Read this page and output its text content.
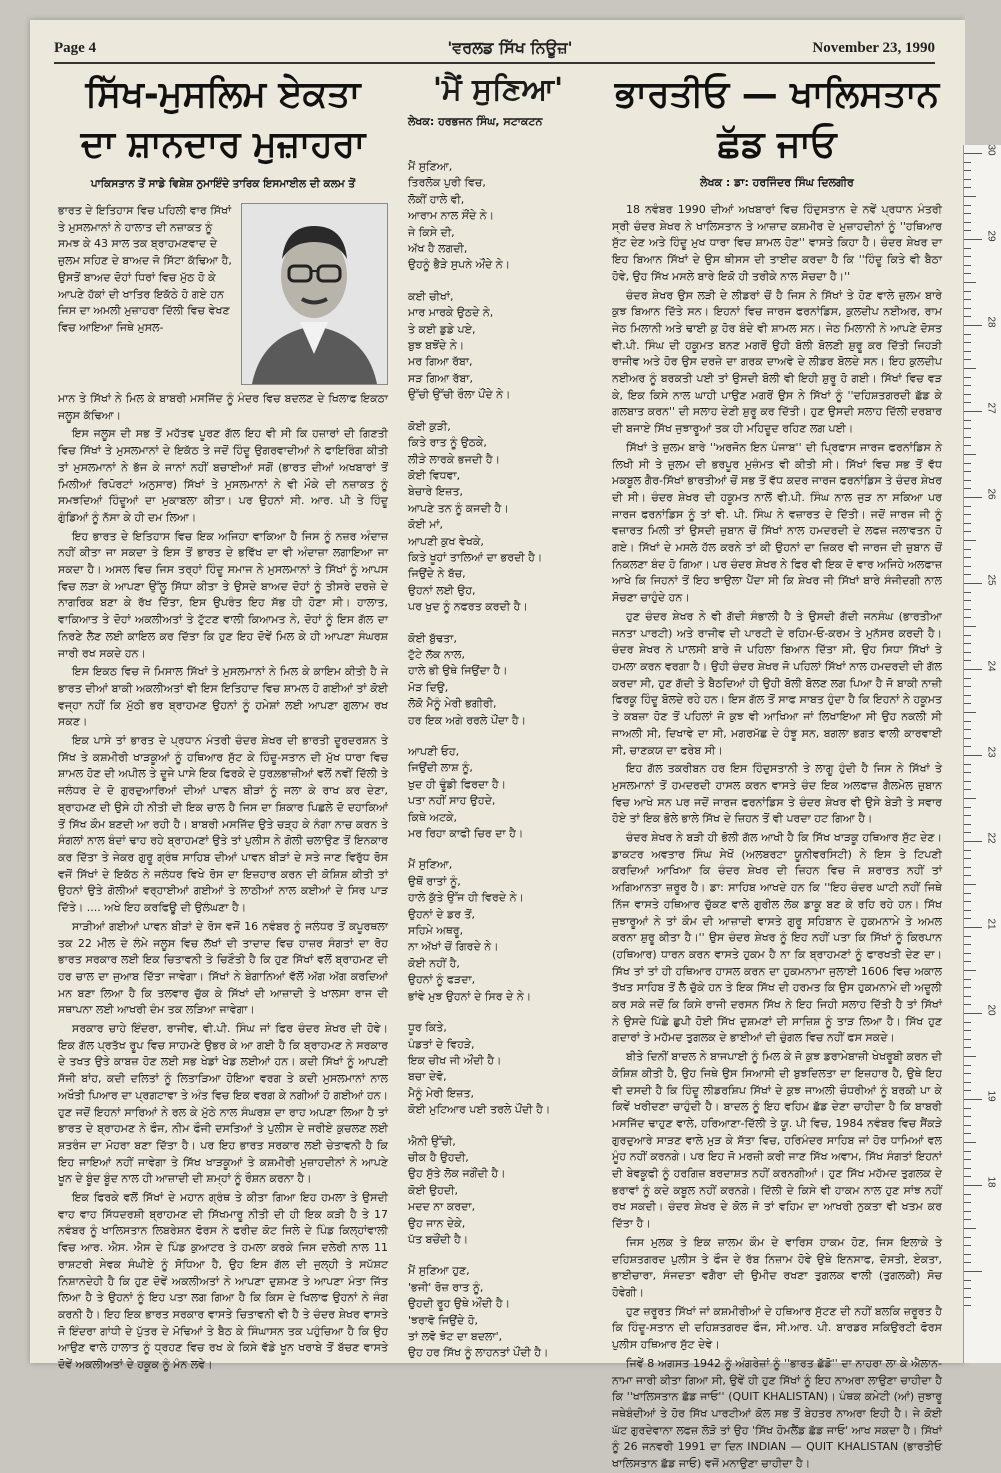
Page 4	'ਵਰਲਡ ਸਿੱਖ ਨਿਊਜ਼'	November 23, 1990
ਸਿੱਖ-ਮੁਸਲਿਮ ਏਕਤਾ
ਦਾ ਸ਼ਾਨਦਾਰ ਮੁਜ਼ਾਹਰਾ
ਪਾਕਿਸਤਾਨ ਤੋਂ ਸਾਡੇ ਵਿਸ਼ੇਸ਼ ਨੁਮਾਇੰਦੇ ਤਾਰਿਕ ਇਸਮਾਈਲ ਦੀ ਕਲਮ ਤੋਂ
ਭਾਰਤ ਦੇ ਇਤਿਹਾਸ ਵਿਚ ਪਹਿਲੀ ਵਾਰ ਸਿੱਖਾਂ ਤੇ ਮੁਸਲਮਾਨਾਂ ਨੇ ਹਾਲਾਤ ਦੀ ਨਜ਼ਾਕਤ ਨੂੰ ਸਮਝ ਕੇ 43 ਸਾਲ ਤਕ ਬ੍ਰਾਹਮਣਵਾਦ ਦੇ ਜ਼ੁਲਮ ਸਹਿਣ ਦੇ ਬਾਅਦ ਜੋ ਸਿੱਟਾ ਕੱਢਿਆ ਹੈ, ਉਸਤੋਂ ਬਾਅਦ ਦੋਹਾਂ ਧਿਰਾਂ ਵਿਚ ਮੁੱਠ ਹੋ ਕੇ ਆਪਣੇ ਹੱਕਾਂ ਦੀ ਖਾਤਿਰ ਇਕੱਠੇ ਹੋ ਗਏ ਹਨ ਜਿਸ ਦਾ ਅਮਲੀ ਮੁਜ਼ਾਹਰਾ ਦਿੱਲੀ ਵਿਚ ਵੇਖਣ ਵਿਚ ਆਇਆ ਜਿਥੇ ਮੁਸਲ-

ਮਾਨ ਤੇ ਸਿੱਖਾਂ ਨੇ ਮਿਲ ਕੇ ਬਾਬਰੀ ਮਸਜਿੱਦ ਨੂੰ ਮੰਦਰ ਵਿਚ ਬਦਲਣ ਦੇ ਖਿਲਾਫ ਇਕਠਾ ਜਲੂਸ ਕੱਢਿਆ।

ਇਸ ਜਲੂਸ ਦੀ ਸਭ ਤੋਂ ਮਹੱਤਵ ਪੂਰਣ ਗੱਲ ਇਹ ਵੀ ਸੀ ਕਿ ਹਜ਼ਾਰਾਂ ਦੀ ਗਿਣਤੀ ਵਿਚ ਸਿੱਖਾਂ ਤੇ ਮੁਸਲਮਾਨਾਂ ਦੇ ਇਕੱਠ ਤੇ ਜਦੋਂ ਹਿੰਦੂ ਉਗਰਵਾਦੀਆਂ ਨੇ ਫਾਇਰਿੰਗ ਕੀਤੀ ਤਾਂ ਮੁਸਲਮਾਨਾਂ ਨੇ ਭੱਜ ਕੇ ਜਾਨਾਂ ਨਹੀਂ ਬਚਾਈਆਂ ਸਗੋਂ (ਭਾਰਤ ਦੀਆਂ ਅਖਬਾਰਾਂ ਤੋਂ ਮਿਲੀਆਂ ਰਿਪੋਰਟਾਂ ਅਨੁਸਾਰ) ਸਿੱਖਾਂ ਤੇ ਮੁਸਲਮਾਨਾਂ ਨੇ ਵੀ ਮੌਕੇ ਦੀ ਨਜ਼ਾਕਤ ਨੂੰ ਸਮਝਦਿਆਂ ਹਿੰਦੂਆਂ ਦਾ ਮੁਕਾਬਲਾ ਕੀਤਾ। ਪਰ ਉਹਨਾਂ ਸੀ. ਆਰ. ਪੀ ਤੇ ਹਿੰਦੂ ਗੁੰਡਿਆਂ ਨੂੰ ਨੱਸਾ ਕੇ ਹੀ ਦਮ ਲਿਆ।

ਇਹ ਭਾਰਤ ਦੇ ਇਤਿਹਾਸ ਵਿਚ ਇਕ ਅਜਿਹਾ ਵਾਕਿਆ ਹੈ ਜਿਸ ਨੂੰ ਨਜ਼ਰ ਅੰਦਾਜ਼ ਨਹੀਂ ਕੀਤਾ ਜਾ ਸਕਦਾ ਤੇ ਇਸ ਤੋਂ ਭਾਰਤ ਦੇ ਭਵਿੱਖ ਦਾ ਵੀ ਅੰਦਾਜ਼ਾ ਲਗਾਇਆ ਜਾ ਸਕਦਾ ਹੈ। ਅਸਲ ਵਿਚ ਜਿਸ ਤਰ੍ਹਾਂ ਹਿੰਦੂ ਸਮਾਜ ਨੇ ਮੁਸਲਮਾਨਾਂ ਤੇ ਸਿੱਖਾਂ ਨੂੰ ਆਪਸ ਵਿਚ ਲੜਾ ਕੇ ਆਪਣਾ ਉੱਲੂ ਸਿੱਧਾ ਕੀਤਾ ਤੇ ਉਸਦੇ ਬਾਅਦ ਦੋਹਾਂ ਨੂੰ ਤੀਸਰੇ ਦਰਜ਼ੇ ਦੇ ਨਾਗਰਿਕ ਬਣਾ ਕੇ ਰੱਖ ਦਿੱਤਾ, ਇਸ ਉਪਰੰਤ ਇਹ ਸੱਭ ਹੀ ਹੋਣਾ ਸੀ। ਹਾਲਾਤ, ਵਾਕਿਆਤ ਤੇ ਦੋਹਾਂ ਅਕਲੀਅਤਾਂ ਤੇ ਟੁੱਟਣ ਵਾਲੀ ਕਿਆਮਤ ਨੇ, ਦੋਹਾਂ ਨੂੰ ਇਸ ਗੱਲ ਦਾ ਨਿਰਣੇ ਲੈਣ ਲਈ ਕਾਇਲ ਕਰ ਦਿੱਤਾ ਕਿ ਹੁਣ ਇਹ ਦੋਵੇਂ ਮਿਲ ਕੇ ਹੀ ਆਪਣਾ ਸੰਘਰਸ਼ ਜਾਰੀ ਰਖ ਸਕਦੇ ਹਨ।

ਇਸ ਇਕਠ ਵਿਚ ਜੋ ਮਿਸਾਲ ਸਿੱਖਾਂ ਤੇ ਮੁਸਲਮਾਨਾਂ ਨੇ ਮਿਲ ਕੇ ਕਾਇਮ ਕੀਤੀ ਹੈ ਜੇ ਭਾਰਤ ਦੀਆਂ ਬਾਕੀ ਅਕਲੀਅਤਾਂ ਵੀ ਇਸ ਇਤਿਹਾਦ ਵਿਚ ਸ਼ਾਮਲ ਹੋ ਗਈਆਂ ਤਾਂ ਕੋਈ ਵਜ੍ਹਾ ਨਹੀਂ ਕਿ ਮੁੱਠੀ ਭਰ ਬ੍ਰਾਹਮਣ ਉਹਨਾਂ ਨੂੰ ਹਮੇਸ਼ਾਂ ਲਈ ਆਪਣਾ ਗੁਲਾਮ ਰਖ ਸਕਣ।

ਇਕ ਪਾਸੇ ਤਾਂ ਭਾਰਤ ਦੇ ਪ੍ਰਧਾਨ ਮੰਤਰੀ ਚੰਦਰ ਸ਼ੇਖਰ ਦੀ ਭਾਰਤੀ ਦੂਰਦਰਸ਼ਨ ਤੇ ਸਿੱਖ ਤੇ ਕਸ਼ਮੀਰੀ ਖਾੜਕੂਆਂ ਨੂੰ ਹਥਿਆਰ ਸੁੱਟ ਕੇ ਹਿੰਦੂ-ਸਤਾਨ ਦੀ ਮੁੱਖ ਧਾਰਾ ਵਿਚ ਸ਼ਾਮਲ ਹੋਣ ਦੀ ਅਪੀਲ ਤੇ ਦੂਜੇ ਪਾਸੇ ਇਕ ਫਿਰਕੇ ਦੇ ਧੁਰਲ਼ਭਾਜ਼ੀਆਂ ਵਲੋਂ ਨਵੀਂ ਦਿੱਲੀ ਤੇ ਜਲੰਧਰ ਦੇ ਦੋ ਗੁਰਦੁਆਰਿਆਂ ਦੀਆਂ ਪਾਵਨ ਬੀੜਾਂ ਨੂੰ ਜਲਾ ਕੇ ਰਾਖ ਕਰ ਦੇਣਾ, ਬ੍ਰਾਹਮਣ ਦੀ ਉਸੇ ਹੀ ਨੀਤੀ ਦੀ ਇਕ ਚਾਲ ਹੈ ਜਿਸ ਦਾ ਸ਼ਿਕਾਰ ਪਿਛਲੇ ਦੋ ਦਹਾਕਿਆਂ ਤੋਂ ਸਿੱਖ ਕੌਮ ਬਣਦੀ ਆ ਰਹੀ ਹੈ। ਬਾਬਰੀ ਮਸਜਿੱਦ ਉਤੇ ਚੜ੍ਹ ਕੇ ਨੰਗਾ ਨਾਚ ਕਰਨ ਤੇ ਸੰਗਲਾਂ ਨਾਲ ਬੰਦਾਂ ਢਾਹ ਰਹੇ ਬ੍ਰਾਹਮਣਾਂ ਉਤੇ ਤਾਂ ਪੁਲੀਸ ਨੇ ਗੋਲੀ ਚਲਾਉਣ ਤੋਂ ਇਨਕਾਰ ਕਰ ਦਿੱਤਾ ਤੇ ਜੇਕਰ ਗੁਰੂ ਗ੍ਰੰਥ ਸਾਹਿਬ ਦੀਆਂ ਪਾਵਨ ਬੀੜਾਂ ਦੇ ਸਤੇ ਜਾਣ ਵਿਰੁੱਧ ਰੋਸ ਵਜੋਂ ਸਿੱਖਾਂ ਦੇ ਇਕੱਠ ਨੇ ਜਲੰਧਰ ਵਿਖੇ ਰੋਸ ਦਾ ਇਜ਼ਹਾਰ ਕਰਨ ਦੀ ਕੋਸ਼ਿਸ਼ ਕੀਤੀ ਤਾਂ ਉਹਨਾਂ ਉਤੇ ਗੋਲੀਆਂ ਵਰ੍ਹਾਈਆਂ ਗਈਆਂ ਤੇ ਲਾਠੀਆਂ ਨਾਲ ਕਈਆਂ ਦੇ ਸਿਰ ਪਾੜ ਦਿੱਤੇ। .... ਅਖੇ ਇਹ ਕਰਫਿਊ ਦੀ ਉਲੰਘਣਾ ਹੈ।

ਸਾੜੀਆਂ ਗਈਆਂ ਪਾਵਨ ਬੀੜਾਂ ਦੇ ਰੋਸ ਵਜੋਂ 16 ਨਵੰਬਰ ਨੂੰ ਜਲੰਧਰ ਤੋਂ ਕਪੂਰਥਲਾ ਤਕ 22 ਮੀਲ ਦੇ ਲੰਮੇ ਜਲੂਸ ਵਿਚ ਲੱਖਾਂ ਦੀ ਤਾਦਾਦ ਵਿਚ ਹਾਜ਼ਰ ਸੰਗਤਾਂ ਦਾ ਰੋਹ ਭਾਰਤ ਸਰਕਾਰ ਲਈ ਇਕ ਚਿਤਾਵਨੀ ਤੇ ਚਿਣੌਤੀ ਹੈ ਕਿ ਹੁਣ ਸਿੱਖਾਂ ਵਲੋਂ ਬ੍ਰਾਹਮਣ ਦੀ ਹਰ ਚਾਲ ਦਾ ਜੁਆਬ ਦਿੱਤਾ ਜਾਵੇਗਾ। ਸਿੱਖਾਂ ਨੇ ਬੇਗਾਨਿਆਂ ਵੱਲੋਂ ਅੱਗ ਅੱਗ ਕਰਦਿਆਂ ਮਨ ਬਣਾ ਲਿਆ ਹੈ ਕਿ ਤਲਵਾਰ ਚੁੱਕ ਕੇ ਸਿੱਖਾਂ ਦੀ ਆਜ਼ਾਦੀ ਤੇ ਖਾਲਸਾ ਰਾਜ ਦੀ ਸਥਾਪਨਾ ਲਈ ਆਖਰੀ ਦੰਮ ਤਕ ਲੜਿਆ ਜਾਵੇਗਾ।

ਸਰਕਾਰ ਚਾਹੇ ਇੰਦਰਾ, ਰਾਜੀਵ, ਵੀ.ਪੀ. ਸਿੰਘ ਜਾਂ ਫਿਰ ਚੰਦਰ ਸ਼ੇਖਰ ਦੀ ਹੋਵੇ। ਇਕ ਗੱਲ ਪ੍ਰਤੱਖ ਰੂਪ ਵਿਚ ਸਾਹਮਣੇ ਉਭਰ ਕੇ ਆ ਗਈ ਹੈ ਕਿ ਬ੍ਰਾਹਮਣ ਨੇ ਸਰਕਾਰ ਦੇ ਤਖਤ ਉਤੇ ਕਾਬਜ਼ ਹੋਣ ਲਈ ਸਭ ਖੇਡਾਂ ਖੇਡ ਲਈਆਂ ਹਨ। ਕਦੀ ਸਿੱਖਾਂ ਨੂੰ ਆਪਣੀ ਸੱਜੀ ਬਾਂਹ, ਕਦੀ ਦਲਿਤਾਂ ਨੂੰ ਲਿਤਾੜਿਆ ਹੋਇਆ ਵਰਗ ਤੇ ਕਦੀ ਮੁਸਲਮਾਨਾਂ ਨਾਲ ਅਖੌਤੀ ਪਿਆਰ ਦਾ ਪ੍ਰਗਟਾਵਾ ਤੇ ਅੰਤ ਵਿਚ ਇਕ ਵਰਗ ਕੇ ਨਗੀਆਂ ਹੋ ਗਈਆਂ ਹਨ। ਹੁਣ ਜਦੋਂ ਇਹਨਾਂ ਸਾਰਿਆਂ ਨੇ ਰਲ ਕੇ ਮੁੱਠੇ ਨਾਲ ਸੰਘਰਸ਼ ਦਾ ਰਾਹ ਅਪਣਾ ਲਿਆ ਹੈ ਤਾਂ ਭਾਰਤ ਦੇ ਬ੍ਰਾਹਮਣ ਨੇ ਫੌਜ, ਨੀਮ ਫੌਜੀ ਦਸਤਿਆਂ ਤੇ ਪੁਲੀਸ ਦੇ ਜਰੀਏ ਕੁਚਲਣ ਲਈ ਸ਼ਤਰੰਜ ਦਾ ਮੋਹਰਾ ਬਣਾ ਦਿੱਤਾ ਹੈ। ਪਰ ਇਹ ਭਾਰਤ ਸਰਕਾਰ ਲਈ ਚੇਤਾਵਨੀ ਹੈ ਕਿ ਇਹ ਜਾਇਆਂ ਨਹੀਂ ਜਾਵੇਗਾ ਤੇ ਸਿੱਖ ਖਾੜਕੂਆਂ ਤੇ ਕਸ਼ਮੀਰੀ ਮੁਜ਼ਾਹਦੀਨਾਂ ਨੇ ਆਪਣੇ ਖੂਨ ਦੇ ਬੂੰਦ ਬੂੰਦ ਨਾਲ ਹੀ ਆਜ਼ਾਦੀ ਦੀ ਸ਼ਮ੍ਹਾਂ ਨੂੰ ਰੌਸ਼ਨ ਕਰਨਾ ਹੈ।

ਇਕ ਫਿਰਕੇ ਵਲੋਂ ਸਿੱਖਾਂ ਦੇ ਮਹਾਨ ਗ੍ਰੰਥ ਤੇ ਕੀਤਾ ਗਿਆ ਇਹ ਹਮਲਾ ਤੇ ਉਸਦੀ ਵਾਹ ਵਾਹ ਸਿੱਧਦਰਸ਼ੀ ਬ੍ਰਾਹਮਣ ਦੀ ਸਿੱਖਮਾਰੂ ਨੀਤੀ ਦੀ ਹੀ ਇਕ ਕੜੀ ਹੈ ਤੇ 17 ਨਵੰਬਰ ਨੂੰ ਖਾਲਿਸਤਾਨ ਲਿਬਰੇਸ਼ਨ ਫੋਰਸ ਨੇ ਫਰੀਦ ਕੋਟ ਜਿਲੇ ਦੇ ਪਿੰਡ ਕਿਲ੍ਹਾਂਵਾਲੀ ਵਿਚ ਆਰ. ਐਸ. ਐਸ ਦੇ ਪਿੰਡ ਕੁਆਟਰ ਤੇ ਹਮਲਾ ਕਰਕੇ ਜਿਸ ਦਲੇਰੀ ਨਾਲ 11 ਰਾਸ਼ਟਰੀ ਸੇਵਕ ਸੰਘੀਏ ਨੂੰ ਸੋਧਿਆ ਹੈ, ਉਹ ਇਸ ਗੱਲ ਦੀ ਜੁਲ੍ਹੀ ਤੇ ਸਪੱਸ਼ਟ ਨਿਸ਼ਾਨਦੇਹੀ ਹੈ ਕਿ ਹੁਣ ਦੋਵੇਂ ਅਕਲੀਅਤਾਂ ਨੇ ਆਪਣਾ ਦੁਸ਼ਮਣ ਤੇ ਆਪਣਾ ਮੰਤਾ ਜਿੱਤ ਲਿਆ ਹੈ ਤੇ ਉਹਨਾਂ ਨੂੰ ਇਹ ਪਤਾ ਲਗ ਗਿਆ ਹੈ ਕਿ ਕਿਸ ਦੇ ਖਿਲਾਫ ਉਹਨਾਂ ਨੇ ਜੰਗ ਕਰਨੀ ਹੈ। ਇਹ ਇਕ ਭਾਰਤ ਸਰਕਾਰ ਵਾਸਤੇ ਚਿਤਾਵਨੀ ਵੀ ਹੈ ਤੇ ਚੰਦਰ ਸ਼ੇਖਰ ਵਾਸਤੇ ਜੋ ਇੰਦਰਾ ਗਾਂਧੀ ਦੇ ਪੁੱਤਰ ਦੇ ਮੋਢਿਆਂ ਤੇ ਬੈਠ ਕੇ ਸਿੰਘਾਸਨ ਤਕ ਪਹੁੰਚਿਆ ਹੈ ਕਿ ਉਹ ਆਉਣ ਵਾਲੇ ਹਾਲਾਤ ਨੂੰ ਧ੍ਰਹਣ ਵਿਚ ਰਖ ਕੇ ਕਿਸੇ ਵੱਡੇ ਖੂਨ ਖਰਾਬੇ ਤੋਂ ਬੱਚਣ ਵਾਸਤੇ ਦੋਵੇਂ ਅਕਲੀਅਤਾਂ ਦੇ ਹਕੂਕ ਨੂੰ ਮੰਨ ਲਵੇ।

'ਮੈਂ ਸੁਣਿਆ'
ਲੇਖਕ: ਹਰਭਜਨ ਸਿੰਘ, ਸਟਾਕਟਨ
ਮੈਂ ਸੁਣਿਆ,
ਤਿਰਲੋਕ ਪੁਰੀ ਵਿਚ,
ਲੋਕੀਂ ਹਾਲੇ ਵੀ,
ਆਰਾਮ ਨਾਲ ਸੌਂਦੇ ਨੇ।
ਜੇ ਕਿਸੇ ਦੀ,
ਅੱਖ ਹੈ ਲਗਦੀ,
ਉਹਨੂੰ ਭੈੜੇ ਸੁਪਨੇ ਔਂਦੇ ਨੇ।
ਕਈ ਚੀਖਾਂ,
ਮਾਰ ਮਾਰਕੇ ਉਠਦੇ ਨੇ,
ਤੇ ਕਈ ਡੁਡੇ ਪਏ,
ਬੁਝ ਬਝੋਂਦੇ ਨੇ।
ਮਰ ਗਿਆ ਰੱਬਾ,
ਸੜ ਗਿਆ ਰੱਬਾ,
ਉੱਚੀ ਉੱਚੀ ਰੌਲਾ ਪੌਂਦੇ ਨੇ।
ਕੋਈ ਕੁੜੀ,
ਕਿਤੇ ਰਾਤ ਨੂੰ ਉਠਕੇ,
ਲੀੜੇ ਲਾਰਕੇ ਭਜਦੀ ਹੈ।
ਕੋਈ ਵਿਧਵਾ,
ਬੇਚਾਰੇ ਇਜ਼ਤ,
ਆਪਣੇ ਤਨ ਨੂੰ ਕਜਦੀ ਹੈ।
ਕੋਈ ਮਾਂ,
ਆਪਣੀ ਕੁਖ ਵੇਖਕੇ,
ਕਿਤੇ ਖੂਹਾਂ ਤਾਲਿਆਂ ਦਾ ਭਰਦੀ ਹੈ।
ਜਿਉਂਦੇ ਨੇ ਬੱਚ,
ਉਹਨਾਂ ਲਈ ਉਹ,
ਪਰ ਖੁਦ ਨੂੰ ਨਫਰਤ ਕਰਦੀ ਹੈ।
ਕੋਈ ਬੁੱਢਤਾ,
ਟੁੱਟੇ ਲੱਕ ਨਾਲ,
ਹਾਲੇ ਭੀ ਉਥੇ ਜਿਉਂਦਾ ਹੈ।
ਮੋੜ ਦਿਉ,
ਲੋਕੋ ਮੈਨੂੰ ਮੇਰੀ ਭਗੀਰੀ,
ਹਰ ਇਕ ਅਗੇ ਰਰਲੇ ਪੌਂਦਾ ਹੈ।
ਆਪਣੀ ਓਹ,
ਜਿਉਂਦੀ ਲਾਸ਼ ਨੂੰ,
ਖੁਦ ਹੀ ਢੂੰਡੀ ਫਿਰਦਾ ਹੈ।
ਪਤਾ ਨਹੀਂ ਸਾਹ ਉਹਦੇ,
ਕਿਥੇ ਅਟਕੇ,
ਮਰ ਰਿਹਾ ਕਾਫੀ ਚਿਰ ਦਾ ਹੈ।
ਮੈਂ ਸੁਣਿਆ,
ਉਥੋਂ ਰਾਤਾਂ ਨੂੰ,
ਹਾਲੇ ਕੁੱਤੇ ਉੱਜ ਹੀ ਵਿਰਦੇ ਨੇ।
ਉਹਨਾਂ ਦੇ ਡਰ ਤੋਂ,
ਸਹਿਮੇ ਅਥਰੂ,
ਨਾ ਅੱਖਾਂ ਚੋਂ ਗਿਰਦੇ ਨੇ।
ਕੋਈ ਨਹੀਂ ਹੈ,
ਉਹਨਾਂ ਨੂੰ ਫੜਦਾ,
ਭਾਂਵੇ ਮੁਝ ਉਹਨਾਂ ਦੇ ਸਿਰ ਦੇ ਨੇ।
ਧੂਰ ਕਿਤੇ,
ਪੰਡਤਾਂ ਦੇ ਵਿਹੜੇ,
ਇਕ ਚੀਖ ਜੀ ਔਂਦੀ ਹੈ।
ਬਚਾ ਦੇਵੋ,
ਮੈਨੂੰ ਮੇਰੀ ਇਜ਼ਤ,
ਕੋਈ ਮੁਟਿਆਰ ਪਈ ਤਰਲੇ ਪੌਂਦੀ ਹੈ।
ਐਨੀ ਉੱਚੀ,
ਚੀਕ ਹੈ ਉਹਦੀ,
ਉਹ ਸੁੱਤੇ ਲੋਕ ਜਗੌਂਦੀ ਹੈ।
ਕੋਈ ਉਹਦੀ,
ਮਦਦ ਨਾ ਕਰਦਾ,
ਉਹ ਜਾਨ ਦੇਕੇ,
ਪੱਤ ਬਚੌਂਦੀ ਹੈ।
ਮੈਂ ਸੁਣਿਆ ਹੁਣ,
'ਭਜੀ' ਰੋਜ਼ ਰਾਤ ਨੂੰ,
ਉਹਦੀ ਰੂਹ ਉਥੇ ਔਂਦੀ ਹੈ।
'ਝਰਾਵੋ ਜਿਉਂਦੇ ਹੋ,
ਤਾਂ ਲਵੋ ਝੋਟ ਦਾ ਬਦਲਾ',
ਉਹ ਹਰ ਸਿੱਖ ਨੂੰ ਲਾਹਨਤਾਂ ਪੌਂਦੀ ਹੈ।
ਭਾਰਤੀਓ — ਖਾਲਿਸਤਾਨ
ਛੱਡ ਜਾਓ
ਲੇਖਕ : ਡਾ: ਹਰਜਿੰਦਰ ਸਿੰਘ ਦਿਲਗੀਰ

18 ਨਵੰਬਰ 1990 ਦੀਆਂ ਅਖਬਾਰਾਂ ਵਿਚ ਹਿੰਦੁਸਤਾਨ ਦੇ ਨਵੇਂ ਪ੍ਰਧਾਨ ਮੰਤਰੀ ਸ੍ਰੀ ਚੰਦਰ ਸ਼ੇਖਰ ਨੇ ਖਾਲਿਸਤਾਨ ਤੇ ਆਜ਼ਾਦ ਕਸ਼ਮੀਰ ਦੇ ਮੁਜ਼ਾਹਦੀਨਾਂ ਨੂੰ ''ਹਥਿਆਰ ਸੁੱਟ ਦੇਣ ਅਤੇ ਹਿੰਦੂ ਮੁਖ ਧਾਰਾ ਵਿਚ ਸ਼ਾਮਲ ਹੋਣ'' ਵਾਸਤੇ ਕਿਹਾ ਹੈ। ਚੰਦਰ ਸ਼ੇਖਰ ਦਾ ਇਹ ਬਿਆਨ ਸਿੱਖਾਂ ਦੇ ਉਸ ਥੀਸਸ ਦੀ ਤਾਈਦ ਕਰਦਾ ਹੈ ਕਿ ''ਹਿੰਦੂ ਕਿਤੇ ਵੀ ਬੈਠਾ ਹੋਵੇ, ਉਹ ਸਿੱਖ ਮਸਲੇ ਬਾਰੇ ਇਕੋ ਹੀ ਤਰੀਕੇ ਨਾਲ ਸੋਚਦਾ ਹੈ।''

ਚੰਦਰ ਸ਼ੇਖਰ ਉਸ ਲੜੀ ਦੇ ਲੀਡਰਾਂ ਚੋਂ ਹੈ ਜਿਸ ਨੇ ਸਿੱਖਾਂ ਤੇ ਹੋਣ ਵਾਲੇ ਜ਼ੁਲਮ ਬਾਰੇ ਕੁਝ ਬਿਆਨ ਦਿੱਤੇ ਸਨ। ਇਹਨਾਂ ਵਿਚ ਜਾਰਜ ਫਰਨਾਂਡਿਸ, ਕੁਲਦੀਪ ਨਈਅਰ, ਰਾਮ ਜੇਠ ਮਿਲਾਨੀ ਅਤੇ ਢਾਈ ਕੁ ਹੋਰ ਬੰਦੇ ਵੀ ਸ਼ਾਮਲ ਸਨ। ਜੇਠ ਮਿਲਾਨੀ ਨੇ ਆਪਣੇ ਦੋਸਤ ਵੀ.ਪੀ. ਸਿੰਘ ਦੀ ਹਕੂਮਤ ਬਨਣ ਮਗਰੋਂ ਉਹੀ ਬੋਲੀ ਬੋਲਣੀ ਸ਼ੁਰੂ ਕਰ ਦਿੱਤੀ ਜਿਹੜੀ ਰਾਜੀਵ ਅਤੇ ਹੋਰ ਉਸ ਦਰਜ਼ੇ ਦਾ ਗਰਕ ਦਾਅਵੇ ਦੇ ਲੀਡਰ ਬੋਲਦੇ ਸਨ। ਇਹ ਕੁਲਦੀਪ ਨਈਅਰ ਨੂੰ ਬਰਕਤੀ ਪਈ ਤਾਂ ਉਸਦੀ ਬੋਲੀ ਵੀ ਇਹੀ ਸ਼ੁਰੂ ਹੋ ਗਈ। ਸਿੱਖਾਂ ਵਿਚ ਵੜ ਕੇ, ਇਕ ਕਿਸੇ ਨਾਲ ਘਾਹੀ ਪਾਉਣ ਮਗਰੋਂ ਉਸ ਨੇ ਸਿੱਖਾਂ ਨੂੰ ''ਦਹਿਸ਼ਤਗਰਦੀ ਛੱਡ ਕੇ ਗਲਬਾਤ ਕਰਨ'' ਦੀ ਸਲਾਹ ਦੇਣੀ ਸ਼ੁਰੂ ਕਰ ਦਿੱਤੀ। ਹੁਣ ਉਸਦੀ ਸਲਾਹ ਦਿੱਲੀ ਦਰਬਾਰ ਦੀ ਬਜਾਏ ਸਿੱਖ ਜੁਝਾਰੂਆਂ ਤਕ ਹੀ ਮਹਿਦੂਦ ਰਹਿਣ ਲਗ ਪਈ।

ਸਿੱਖਾਂ ਤੇ ਜ਼ੁਲਮ ਬਾਰੇ ''ਅਰਜੋਨ ਇਨ ਪੰਜਾਬ'' ਦੀ ਪ੍ਰਿਫਾਸ ਜਾਰਜ ਫਰਨਾਂਡਿਸ ਨੇ ਲਿਖੀ ਸੀ ਤੇ ਜ਼ੁਲਮ ਦੀ ਭਰਪੂਰ ਮੁਜ਼ੰਮਤ ਵੀ ਕੀਤੀ ਸੀ। ਸਿੱਖਾਂ ਵਿਚ ਸਭ ਤੋਂ ਵੱਧ ਮਕਬੂਲ ਗੈਰ-ਸਿੱਖਾਂ ਭਾਰਤੀਆਂ ਚੋਂ ਸਭ ਤੋਂ ਵੱਧ ਕਦਰ ਜਾਰਜ ਫਰਨਾਂਡਿਸ ਤੇ ਚੰਦਰ ਸ਼ੇਖਰ ਦੀ ਸੀ। ਚੰਦਰ ਸ਼ੇਖਰ ਦੀ ਹਕੂਮਤ ਨਾਲੋਂ ਵੀ.ਪੀ. ਸਿੰਘ ਨਾਲ ਜੁੜ ਨਾ ਸਕਿਆ ਪਰ ਜਾਰਜ ਫਰਨਾਂਡਿਸ ਨੂੰ ਤਾਂ ਵੀ. ਪੀ. ਸਿੰਘ ਨੇ ਵਜ਼ਾਰਤ ਦੇ ਦਿੱਤੀ। ਜਦੋਂ ਜਾਰਜ ਜੀ ਨੂੰ ਵਜ਼ਾਰਤ ਮਿਲੀ ਤਾਂ ਉਸਦੀ ਜ਼ੁਬਾਨ ਚੋਂ ਸਿੱਖਾਂ ਨਾਲ ਹਮਦਰਦੀ ਦੇ ਲਫਜ਼ ਜਲਾਵਤਨ ਹੋ ਗਏ। ਸਿੱਖਾਂ ਦੇ ਮਸਲੇ ਹੱਲ ਕਰਨੇ ਤਾਂ ਕੀ ਉਹਨਾਂ ਦਾ ਜ਼ਿਕਰ ਵੀ ਜਾਰਜ ਦੀ ਜ਼ੁਬਾਨ ਚੋਂ ਨਿਕਲਣਾ ਬੰਦ ਹੋ ਗਿਆ। ਪਰ ਚੰਦਰ ਸ਼ੇਖਰ ਨੇ ਫਿਰ ਵੀ ਇਕ ਦੋ ਵਾਰ ਅਜਿਹੇ ਅਲਫਾਜ਼ ਆਖੇ ਕਿ ਜਿਹਨਾਂ ਤੋਂ ਇਹ ਝਾਉਲਾ ਪੈਂਦਾ ਸੀ ਕਿ ਸ਼ੇਖਰ ਜੀ ਸਿੱਖਾਂ ਬਾਰੇ ਸੰਜੀਦਗੀ ਨਾਲ ਸੋਚਣਾ ਚਾਹੁੰਦੇ ਹਨ।

ਹੁਣ ਚੰਦਰ ਸ਼ੇਖਰ ਨੇ ਵੀ ਗੱਦੀ ਸੰਭਾਲੀ ਹੈ ਤੇ ਉਸਦੀ ਗੱਦੀ ਜਨਸੰਘ (ਭਾਰਤੀਆ ਜਨਤਾ ਪਾਰਟੀ) ਅਤੇ ਰਾਜੀਵ ਦੀ ਪਾਰਟੀ ਦੇ ਰਹਿਮ-ਓ-ਕਰਮ ਤੇ ਮੁਨੱਸਰ ਕਰਦੀ ਹੈ। ਚੰਦਰ ਸ਼ੇਖਰ ਨੇ ਪਾਲਸੀ ਬਾਰੇ ਜੋ ਪਹਿਲਾ ਬਿਆਨ ਦਿੱਤਾ ਸੀ, ਉਹ ਸਿਧਾ ਸਿੱਖਾਂ ਤੇ ਹਮਲਾ ਕਰਨ ਵਰਗਾ ਹੈ। ਉਹੀ ਚੰਦਰ ਸ਼ੇਖਰ ਜੋ ਪਹਿਲਾਂ ਸਿੱਖਾਂ ਨਾਲ ਹਮਦਰਦੀ ਦੀ ਗੱਲ ਕਰਦਾ ਸੀ, ਹੁਣ ਗੱਦੀ ਤੇ ਬੈਠਦਿਆਂ ਹੀ ਉਹੀ ਬੋਲੀ ਬੋਲਣ ਲਗ ਪਿਆ ਹੈ ਜੋ ਬਾਕੀ ਨਾਜ਼ੀ ਫਿਰਕੂ ਹਿੰਦੂ ਬੋਲਦੇ ਰਹੇ ਹਨ। ਇਸ ਗੱਲ ਤੋਂ ਸਾਫ ਸਾਬਤ ਹੁੰਦਾ ਹੈ ਕਿ ਇਹਨਾਂ ਨੇ ਹਕੂਮਤ ਤੇ ਕਬਜ਼ਾ ਹੋਣ ਤੋਂ ਪਹਿਲਾਂ ਜੋ ਕੁਝ ਵੀ ਆਖਿਆ ਜਾਂ ਲਿਖਾਇਆ ਸੀ ਉਹ ਨਕਲੀ ਸੀ ਜਾਅਲੀ ਸੀ, ਦਿਖਾਵੇ ਦਾ ਸੀ, ਮਗਰਮੱਛ ਦੇ ਹੰਝੂ ਸਨ, ਬਗਲਾ ਭਗਤ ਵਾਲੀ ਕਾਰਵਾਈ ਸੀ, ਚਾਣਕਯ ਦਾ ਫਰੇਬ ਸੀ।

ਇਹ ਗੱਲ ਤਕਰੀਬਨ ਹਰ ਇਸ ਹਿੰਦੁਸਤਾਨੀ ਤੇ ਲਾਗੂ ਹੁੰਦੀ ਹੈ ਜਿਸ ਨੇ ਸਿੱਖਾਂ ਤੇ ਮੁਸਲਮਾਨਾਂ ਤੋਂ ਹਮਦਰਦੀ ਹਾਸਲ ਕਰਨ ਵਾਸਤੇ ਚੰਦ ਇਕ ਅਲਫਾਜ਼ ਗੈਲਮੇਲ ਜ਼ੁਬਾਨ ਵਿਚ ਆਖੇ ਸਨ ਪਰ ਜਦੋਂ ਜਾਰਜ ਫਰਨਾਂਡਿਸ ਤੇ ਚੰਦਰ ਸ਼ੇਖਰ ਵੀ ਉਸੇ ਬੇੜੀ ਤੇ ਸਵਾਰ ਹੋਏ ਤਾਂ ਇਕ ਭੋਲੇ ਭਾਲੇ ਸਿੱਖ ਦੇ ਜ਼ਿਹਨ ਤੋਂ ਵੀ ਪਰਦਾ ਹਟ ਗਿਆ ਹੈ।

ਚੰਦਰ ਸ਼ੇਖਰ ਨੇ ਬੜੀ ਹੀ ਭੋਲੀ ਗੱਲ ਆਖੀ ਹੈ ਕਿ ਸਿੱਖ ਖਾੜਕੂ ਹਥਿਆਰ ਸੁੱਟ ਦੇਣ। ਡਾਕਟਰ ਅਵਤਾਰ ਸਿੰਘ ਸੇਖੋਂ (ਅਲਬਰਟਾ ਯੂਨੀਵਰਸਿਟੀ) ਨੇ ਇਸ ਤੇ ਟਿਪਣੀ ਕਰਦਿਆਂ ਆਖਿਆ ਕਿ ਚੰਦਰ ਸ਼ੇਖਰ ਦੀ ਜ਼ਿਹਨ ਵਿਚ ਜੋ ਸ਼ਰਾਰਤ ਨਹੀਂ ਤਾਂ ਅਗਿਆਨਤਾ ਜ਼ਰੂਰ ਹੈ। ਡਾ: ਸਾਹਿਬ ਆਖਦੇ ਹਨ ਕਿ ''ਇਹ ਚੰਦਰ ਘਾਟੀ ਨਹੀਂ ਜਿਥੇ ਨਿੱਜ ਵਾਸਤੇ ਹਥਿਆਰ ਚੁੱਕਣ ਵਾਲੇ ਗੁਰੀਲ ਲੋਕ ਡਾਕੂ ਬਣ ਕੇ ਰਹਿ ਰਹੇ ਹਨ। ਸਿੱਖ ਜੁਝਾਰੂਆਂ ਨੇ ਤਾਂ ਕੌਮ ਦੀ ਆਜ਼ਾਦੀ ਵਾਸਤੇ ਗੁਰੂ ਸਹਿਬਾਨ ਦੇ ਹੁਕਮਨਾਮੇ ਤੇ ਅਮਲ ਕਰਨਾ ਸ਼ੁਰੂ ਕੀਤਾ ਹੈ।'' ਉਸ ਚੰਦਰ ਸ਼ੇਖਰ ਨੂੰ ਇਹ ਨਹੀਂ ਪਤਾ ਕਿ ਸਿੱਖਾਂ ਨੂੰ ਕਿਰਪਾਨ (ਹਥਿਆਰ) ਧਾਰਨ ਕਰਨ ਵਾਸਤੇ ਹੁਕਮ ਹੈ ਨਾ ਕਿ ਬ੍ਰਾਹਮਣਾਂ ਨੂੰ ਫਾਰਖਤੀ ਦੇਣ ਦਾ। ਸਿੱਖ ਤਾਂ ਤਾਂ ਹੀ ਹਥਿਆਰ ਹਾਸਲ ਕਰਨ ਦਾ ਹੁਕਮਨਾਮਾ ਜੁਲਾਈ 1606 ਵਿਚ ਅਕਾਲ ਤੱਖਤ ਸਾਹਿਬ ਤੋਂ ਲੈ ਚੁੱਕੇ ਹਨ ਤੇ ਇਕ ਸਿੱਖ ਦੀ ਹਰਮਤ ਕਿ ਉਸ ਹੁਕਮਨਾਮੇ ਦੀ ਅਦੂਲੀ ਕਰ ਸਕੇ ਜਦੋਂ ਕਿ ਕਿਸੇ ਰਾਜੀ ਦਰਸਨ ਸਿੱਖ ਨੇ ਇਹ ਜਿਹੀ ਸਲਾਹ ਦਿੱਤੀ ਹੈ ਤਾਂ ਸਿੱਖਾਂ ਨੇ ਉਸਦੇ ਪਿੱਛੇ ਛੁਪੀ ਹੋਈ ਸਿੱਖ ਦੁਸ਼ਮਣਾਂ ਦੀ ਸਾਜ਼ਿਸ਼ ਨੂੰ ਤਾੜ ਲਿਆ ਹੈ। ਸਿੱਖ ਹੁਣ ਗਦਾਰਾਂ ਤੇ ਮਹੱਮਦ ਤੁਗਲਕ ਦੇ ਭਾਈਆਂ ਦੀ ਚੁੰਗਲ ਵਿਚ ਨਹੀਂ ਫਸ ਸਕਦੇ।

ਬੀਤੇ ਦਿਨੀਂ ਬਾਦਲ ਨੇ ਬਾਜਪਾਈ ਨੂੰ ਮਿਲ ਕੇ ਜੋ ਕੁਝ ਡਰਾਮੇਬਾਜ਼ੀ ਖੇਖਰੂਬੀ ਕਰਨ ਦੀ ਕੋਸ਼ਿਸ਼ ਕੀਤੀ ਹੈ, ਉਹ ਜਿਥੇ ਉਸ ਸਿਆਸੀ ਦੀ ਬੁਝਦਿਲਤਾ ਦਾ ਇਜ਼ਹਾਰ ਹੈ, ਉਥੇ ਇਹ ਵੀ ਦਸਦੀ ਹੈ ਕਿ ਹਿੰਦੂ ਲੀਡਰਸ਼ਿਪ ਸਿੱਖਾਂ ਦੇ ਕੁਝ ਜਾਅਲੀ ਚੌਧਰੀਆਂ ਨੂੰ ਬਰਕੀ ਪਾ ਕੇ ਕਿਵੇਂ ਖਰੀਦਣਾ ਚਾਹੁੰਦੀ ਹੈ। ਬਾਦਲ ਨੂੰ ਇਹ ਵਹਿਮ ਛੱਡ ਦੇਣਾ ਚਾਹੀਦਾ ਹੈ ਕਿ ਬਾਬਰੀ ਮਸਜਿੱਦ ਢਾਹੁਣ ਵਾਲੇ, ਹਰਿਆਣਾ-ਦਿੱਲੀ ਤੇ ਯੂ. ਪੀ ਵਿਚ, 1984 ਨਵੰਬਰ ਵਿਚ ਸੈਂਕੜੇ ਗੁਰਦੁਆਰੇ ਸਾੜਣ ਵਾਲੇ ਮੁੜ ਕੇ ਸੱਤਾ ਵਿਚ, ਹਰਿਮੰਦਰ ਸਾਹਿਬ ਜਾਂ ਹੋਰ ਧਾਮਿਆਂ ਵਲ ਮੂੰਹ ਨਹੀਂ ਕਰਨਗੇ। ਪਰ ਇਹ ਜੋ ਮਰਜ਼ੀ ਕਰੀ ਜਾਣ ਸਿੱਖ ਅਵਾਮ, ਸਿੱਖ ਸੰਗਤਾਂ ਇਹਨਾਂ ਦੀ ਬੇਵਕੂਫੀ ਨੂੰ ਹਰਗਿਜ਼ ਬਰਦਾਸ਼ਤ ਨਹੀਂ ਕਰਨਗੀਆਂ। ਹੁਣ ਸਿੱਖ ਮਹੱਮਦ ਤੁਗਲਕ ਦੇ ਭਰਾਵਾਂ ਨੂੰ ਕਦੇ ਕਬੂਲ ਨਹੀਂ ਕਰਨਗੇ। ਦਿੱਲੀ ਦੇ ਕਿਸੇ ਵੀ ਹਾਕਮ ਨਾਲ ਹੁਣ ਸਾਂਝ ਨਹੀਂ ਰਖ ਸਕਦੀ। ਚੰਦਰ ਸ਼ੇਖਰ ਦੇ ਕੋਲ ਜੋ ਤਾਂ ਵਹਿਮ ਦਾ ਆਖਰੀ ਨੁਕਤਾ ਵੀ ਖਤਮ ਕਰ ਦਿੱਤਾ ਹੈ।

ਜਿਸ ਮੁਲਕ ਤੇ ਇਕ ਜ਼ਾਲਮ ਕੌਮ ਦੇ ਵਾਰਿਸ ਹਾਕਮ ਹੋਣ, ਜਿਸ ਇਲਾਕੇ ਤੇ ਦਹਿਸ਼ਤਗਰਦ ਪੁਲੀਸ ਤੇ ਫੌਜ ਦੇ ਰੱਬ ਨਿਜ਼ਾਮ ਹੋਵੇ ਉਥੇ ਇਨਸਾਫ, ਦੋਸਤੀ, ਏਕਤਾ, ਭਾਈਚਾਰਾ, ਸੰਜਦਤਾ ਵਗੈਰਾ ਦੀ ਉਮੀਦ ਰਖਣਾ ਤੁਗਲਕ ਵਾਲੀ (ਤੁਗਲਕੀ) ਸੋਚ ਹੋਵੇਗੀ।

ਹੁਣ ਜ਼ਰੂਰਤ ਸਿੱਖਾਂ ਜਾਂ ਕਸ਼ਮੀਰੀਆਂ ਦੇ ਹਥਿਆਰ ਸੁੱਟਣ ਦੀ ਨਹੀਂ ਬਲਕਿ ਜ਼ਰੂਰਤ ਹੈ ਕਿ ਹਿੰਦੂ-ਸਤਾਨ ਦੀ ਦਹਿਸ਼ਤਗਰਦ ਫੌਜ, ਸੀ.ਆਰ. ਪੀ. ਬਾਰਡਰ ਸਕਿਉਰਟੀ ਫੋਰਸ ਪੁਲੀਸ ਹਥਿਆਰ ਸੁੱਟ ਦੇਵੇ।

ਜਿਵੇਂ 8 ਅਗਸਤ 1942 ਨੂੰ ਅੰਗਰੇਜ਼ਾਂ ਨੂੰ ''ਭਾਰਤ ਛੱਡੋ'' ਦਾ ਨਾਹਰਾ ਲਾ ਕੇ ਐਲਾਨ-ਨਾਮਾ ਜਾਰੀ ਕੀਤਾ ਗਿਆ ਸੀ, ਉਵੇਂ ਹੀ ਹੁਣ ਸਿੱਖਾਂ ਨੂੰ ਇਹ ਨਾਅਰਾ ਲਾਉਣਾ ਚਾਹੀਦਾ ਹੈ ਕਿ ''ਖਾਲਿਸਤਾਨ ਛੱਡ ਜਾਓ'' (QUIT KHALISTAN)। ਪੰਥਕ ਕਮੇਟੀ (ਆਂ) ਜੁਝਾਰੂ ਜਥੇਬੰਦੀਆਂ ਤੇ ਹੋਰ ਸਿੱਖ ਪਾਰਟੀਆਂ ਕੋਲ ਸਭ ਤੋਂ ਬੇਹਤਰ ਨਾਅਰਾ ਇਹੀ ਹੈ। ਜੇ ਕੋਈ ਘੱਟ ਗੁਰਦੇਵਾਨਾ ਲਫਜ਼ ਲੋੜੋ ਤਾਂ ਉਹ 'ਸਿੱਖ ਹੋਮਲੈਂਡ ਛੱਡ ਜਾਓ' ਆਖ ਸਕਦਾ ਹੈ। ਸਿੱਖਾਂ ਨੂੰ 26 ਜਨਵਰੀ 1991 ਦਾ ਦਿਨ INDIAN — QUIT KHALISTAN (ਭਾਰਤੀਓ ਖਾਲਿਸਤਾਨ ਛੱਡ ਜਾਓ) ਵਜੋਂ ਮਨਾਉਣਾ ਚਾਹੀਦਾ ਹੈ।

30
29
28
27
26
25
24
23
22
21
20
19
18
